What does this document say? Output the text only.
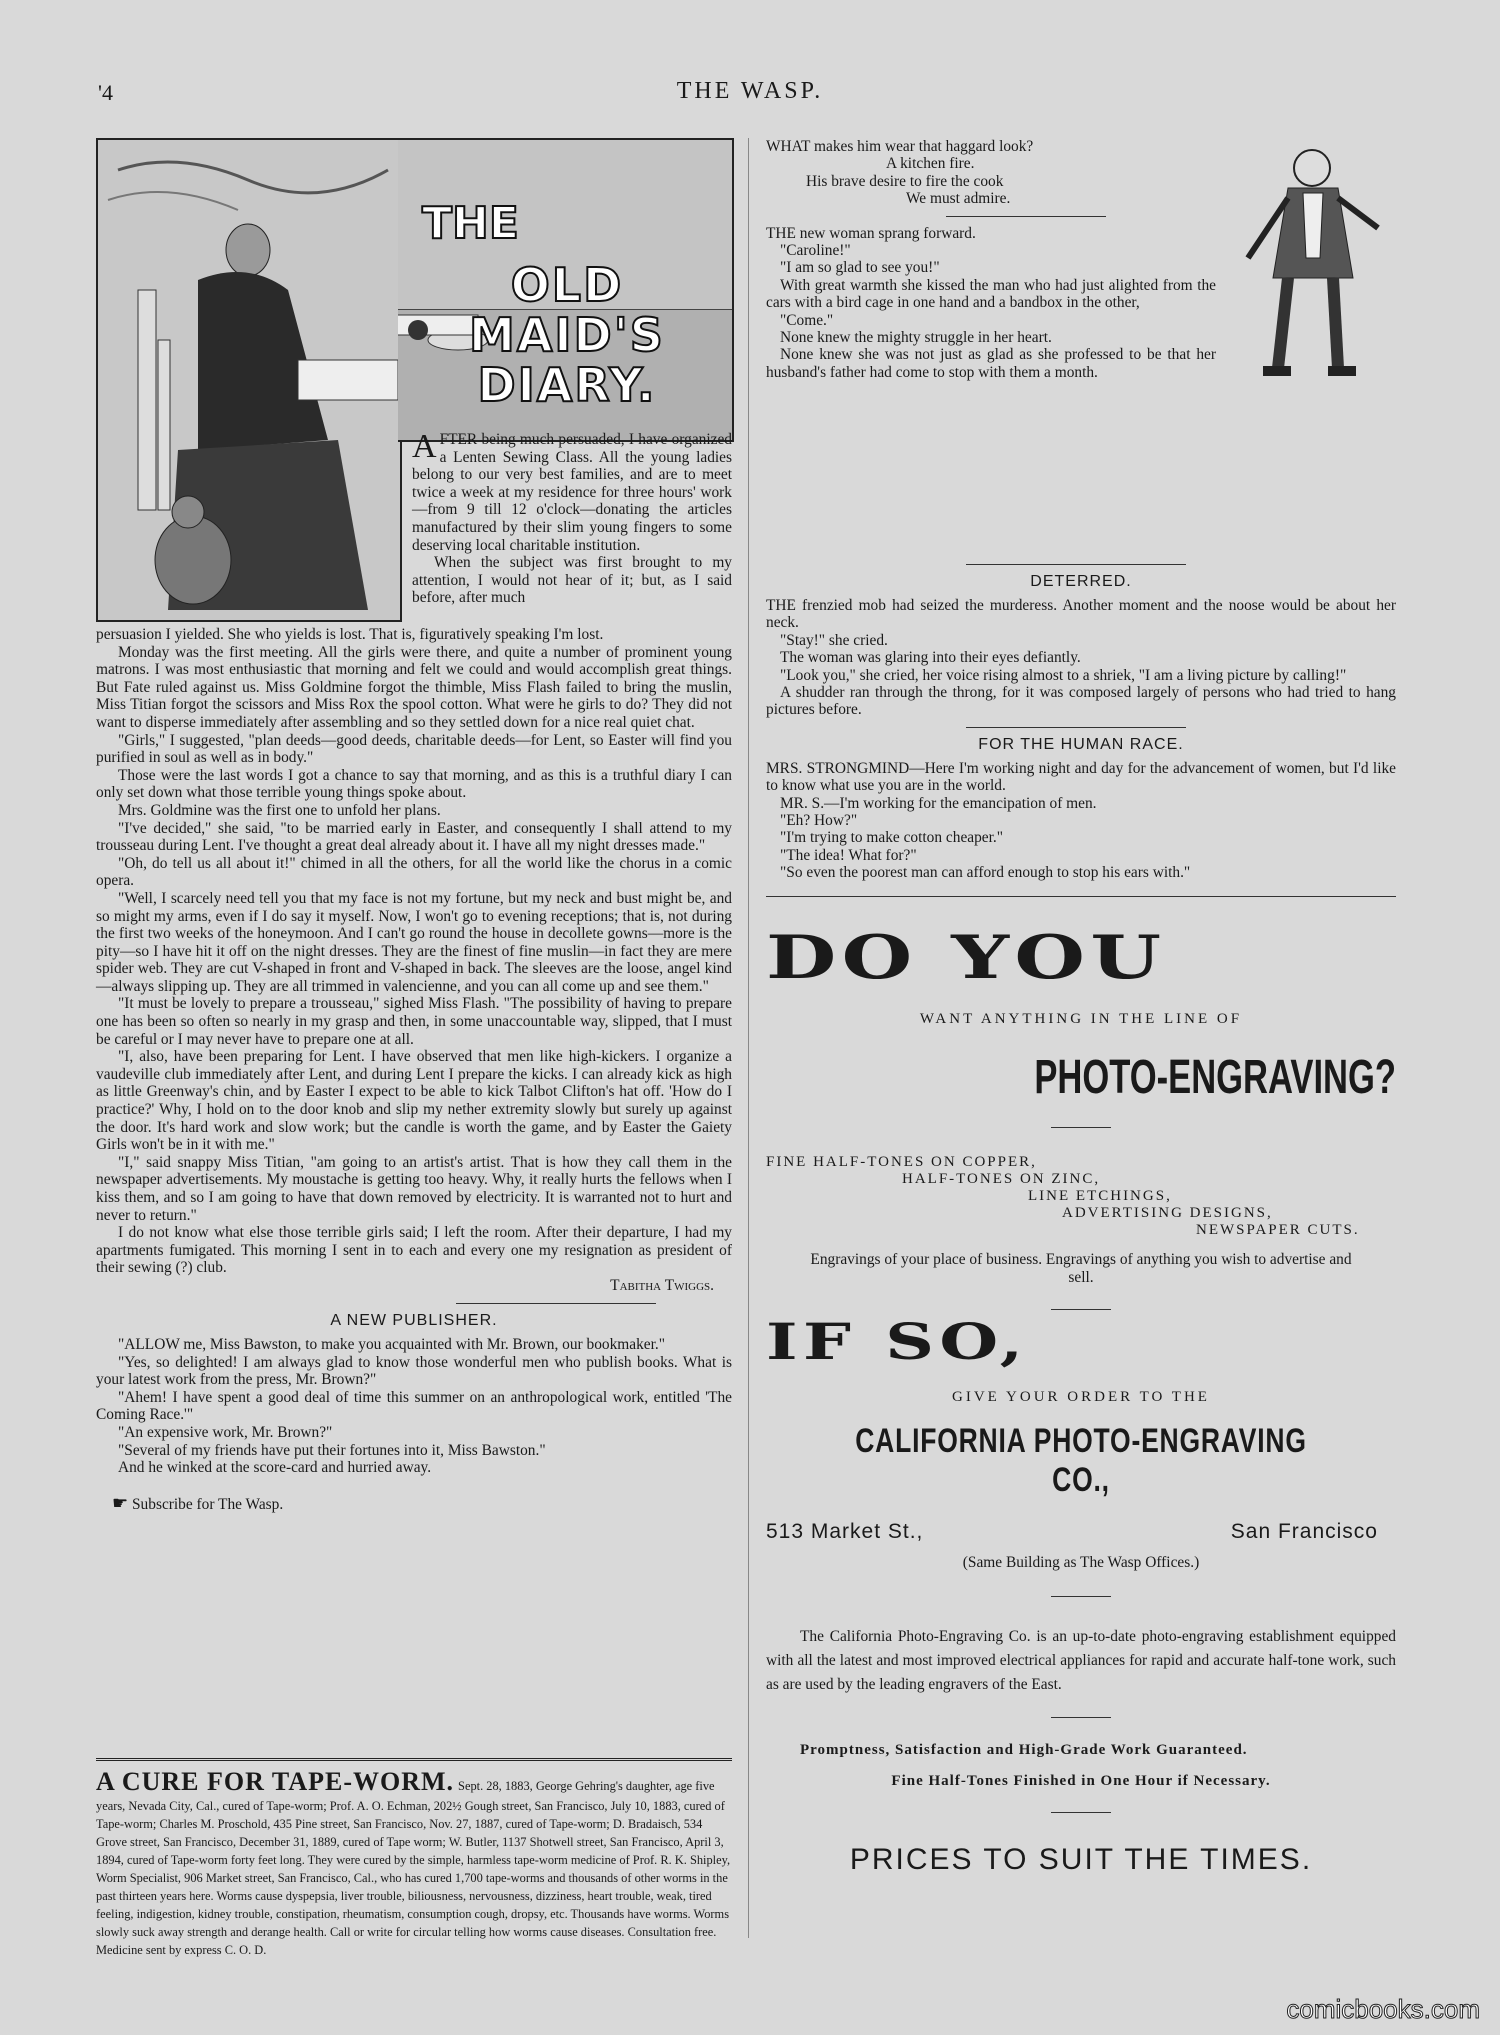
'4	THE WASP.
THE
OLD MAID'S
DIARY.

AFTER being much persuaded, I have organized a Lenten Sewing Class. All the young ladies belong to our very best families, and are to meet twice a week at my residence for three hours' work—from 9 till 12 o'clock—donating the articles manufactured by their slim young fingers to some deserving local charitable institution.

When the subject was first brought to my attention, I would not hear of it; but, as I said before, after much

persuasion I yielded. She who yields is lost. That is, figuratively speaking I'm lost.

Monday was the first meeting. All the girls were there, and quite a number of prominent young matrons. I was most enthusiastic that morning and felt we could and would accomplish great things. But Fate ruled against us. Miss Goldmine forgot the thimble, Miss Flash failed to bring the muslin, Miss Titian forgot the scissors and Miss Rox the spool cotton. What were he girls to do? They did not want to disperse immediately after assembling and so they settled down for a nice real quiet chat.

"Girls," I suggested, "plan deeds—good deeds, charitable deeds—for Lent, so Easter will find you purified in soul as well as in body."

Those were the last words I got a chance to say that morning, and as this is a truthful diary I can only set down what those terrible young things spoke about.

Mrs. Goldmine was the first one to unfold her plans.

"I've decided," she said, "to be married early in Easter, and consequently I shall attend to my trousseau during Lent. I've thought a great deal already about it. I have all my night dresses made."

"Oh, do tell us all about it!" chimed in all the others, for all the world like the chorus in a comic opera.

"Well, I scarcely need tell you that my face is not my fortune, but my neck and bust might be, and so might my arms, even if I do say it myself. Now, I won't go to evening receptions; that is, not during the first two weeks of the honeymoon. And I can't go round the house in decollete gowns—more is the pity—so I have hit it off on the night dresses. They are the finest of fine muslin—in fact they are mere spider web. They are cut V-shaped in front and V-shaped in back. The sleeves are the loose, angel kind—always slipping up. They are all trimmed in valencienne, and you can all come up and see them."

"It must be lovely to prepare a trousseau," sighed Miss Flash. "The possibility of having to prepare one has been so often so nearly in my grasp and then, in some unaccountable way, slipped, that I must be careful or I may never have to prepare one at all.

"I, also, have been preparing for Lent. I have observed that men like high-kickers. I organize a vaudeville club immediately after Lent, and during Lent I prepare the kicks. I can already kick as high as little Greenway's chin, and by Easter I expect to be able to kick Talbot Clifton's hat off. 'How do I practice?' Why, I hold on to the door knob and slip my nether extremity slowly but surely up against the door. It's hard work and slow work; but the candle is worth the game, and by Easter the Gaiety Girls won't be in it with me."

"I," said snappy Miss Titian, "am going to an artist's artist. That is how they call them in the newspaper advertisements. My moustache is getting too heavy. Why, it really hurts the fellows when I kiss them, and so I am going to have that down removed by electricity. It is warranted not to hurt and never to return."

I do not know what else those terrible girls said; I left the room. After their departure, I had my apartments fumigated. This morning I sent in to each and every one my resignation as president of their sewing (?) club.

Tabitha Twiggs.

A NEW PUBLISHER.

"ALLOW me, Miss Bawston, to make you acquainted with Mr. Brown, our bookmaker."

"Yes, so delighted! I am always glad to know those wonderful men who publish books. What is your latest work from the press, Mr. Brown?"

"Ahem! I have spent a good deal of time this summer on an anthropological work, entitled 'The Coming Race.'"

"An expensive work, Mr. Brown?"

"Several of my friends have put their fortunes into it, Miss Bawston."

And he winked at the score-card and hurried away.

☛ Subscribe for The Wasp.
A CURE FOR TAPE-WORM. Sept. 28, 1883, George Gehring's daughter, age five years, Nevada City, Cal., cured of Tape-worm; Prof. A. O. Echman, 202½ Gough street, San Francisco, July 10, 1883, cured of Tape-worm; Charles M. Proschold, 435 Pine street, San Francisco, Nov. 27, 1887, cured of Tape-worm; D. Bradaisch, 534 Grove street, San Francisco, December 31, 1889, cured of Tape worm; W. Butler, 1137 Shotwell street, San Francisco, April 3, 1894, cured of Tape-worm forty feet long. They were cured by the simple, harmless tape-worm medicine of Prof. R. K. Shipley, Worm Specialist, 906 Market street, San Francisco, Cal., who has cured 1,700 tape-worms and thousands of other worms in the past thirteen years here. Worms cause dyspepsia, liver trouble, biliousness, nervousness, dizziness, heart trouble, weak, tired feeling, indigestion, kidney trouble, constipation, rheumatism, consumption cough, dropsy, etc. Thousands have worms. Worms slowly suck away strength and derange health. Call or write for circular telling how worms cause diseases. Consultation free. Medicine sent by express C. O. D.

WHAT makes him wear that haggard look?

A kitchen fire.

His brave desire to fire the cook

We must admire.

THE new woman sprang forward.

"Caroline!"

"I am so glad to see you!"

With great warmth she kissed the man who had just alighted from the cars with a bird cage in one hand and a bandbox in the other,

"Come."

None knew the mighty struggle in her heart.

None knew she was not just as glad as she professed to be that her husband's father had come to stop with them a month.

DETERRED.

THE frenzied mob had seized the murderess. Another moment and the noose would be about her neck.

"Stay!" she cried.

The woman was glaring into their eyes defiantly.

"Look you," she cried, her voice rising almost to a shriek, "I am a living picture by calling!"

A shudder ran through the throng, for it was composed largely of persons who had tried to hang pictures before.

FOR THE HUMAN RACE.

MRS. STRONGMIND—Here I'm working night and day for the advancement of women, but I'd like to know what use you are in the world.

MR. S.—I'm working for the emancipation of men.

"Eh? How?"

"I'm trying to make cotton cheaper."

"The idea! What for?"

"So even the poorest man can afford enough to stop his ears with."

DO YOU
WANT ANYTHING IN THE LINE OF
PHOTO-ENGRAVING?
FINE HALF-TONES ON COPPER,
HALF-TONES ON ZINC,
LINE ETCHINGS,
ADVERTISING DESIGNS,
NEWSPAPER CUTS.
Engravings of your place of business. Engravings of anything you wish to advertise and sell.
IF SO,
GIVE YOUR ORDER TO THE
CALIFORNIA PHOTO-ENGRAVING CO.,
513 Market St.,	San Francisco
(Same Building as The Wasp Offices.)
The California Photo-Engraving Co. is an up-to-date photo-engraving establishment equipped with all the latest and most improved electrical appliances for rapid and accurate half-tone work, such as are used by the leading engravers of the East.
Promptness, Satisfaction and High-Grade Work Guaranteed.
Fine Half-Tones Finished in One Hour if Necessary.
PRICES TO SUIT THE TIMES.
comicbooks.com
